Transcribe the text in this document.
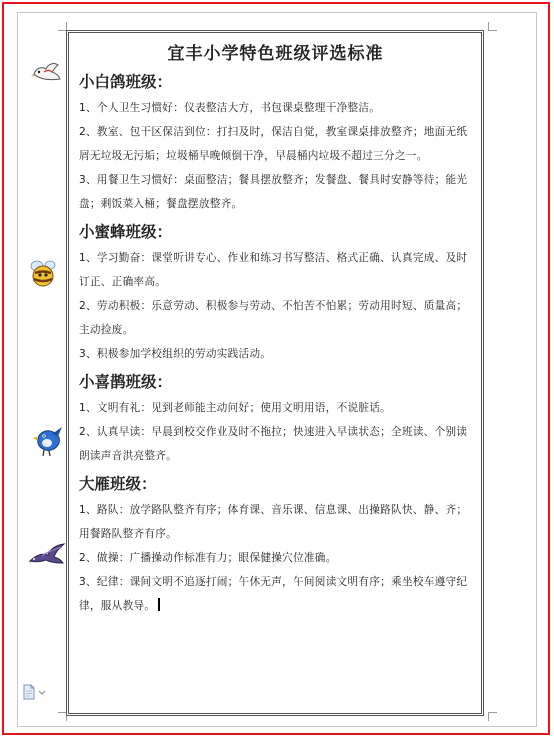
宜丰小学特色班级评选标准
小白鸽班级：

1、个人卫生习惯好：仪表整洁大方，书包课桌整理干净整洁。

2、教室、包干区保洁到位：打扫及时，保洁自觉，教室课桌排放整齐；地面无纸屑无垃圾无污垢；垃圾桶早晚倾倒干净，早晨桶内垃圾不超过三分之一。

3、用餐卫生习惯好：桌面整洁；餐具摆放整齐；发餐盘、餐具时安静等待；能光盘；剩饭菜入桶；餐盘摆放整齐。

小蜜蜂班级：

1、学习勤奋：课堂听讲专心、作业和练习书写整洁、格式正确、认真完成、及时订正、正确率高。

2、劳动积极：乐意劳动、积极参与劳动、不怕苦不怕累；劳动用时短、质量高；主动捡废。

3、积极参加学校组织的劳动实践活动。

小喜鹊班级：

1、文明有礼：见到老师能主动问好；使用文明用语，不说脏话。

2、认真早读：早晨到校交作业及时不拖拉；快速进入早读状态；全班读、个别读朗读声音洪亮整齐。

大雁班级：

1、路队：放学路队整齐有序；体育课、音乐课、信息课、出操路队快、静、齐；用餐路队整齐有序。

2、做操：广播操动作标准有力；眼保健操穴位准确。

3、纪律：课间文明不追逐打闹；午休无声，午间阅读文明有序；乘坐校车遵守纪律，服从教导。
